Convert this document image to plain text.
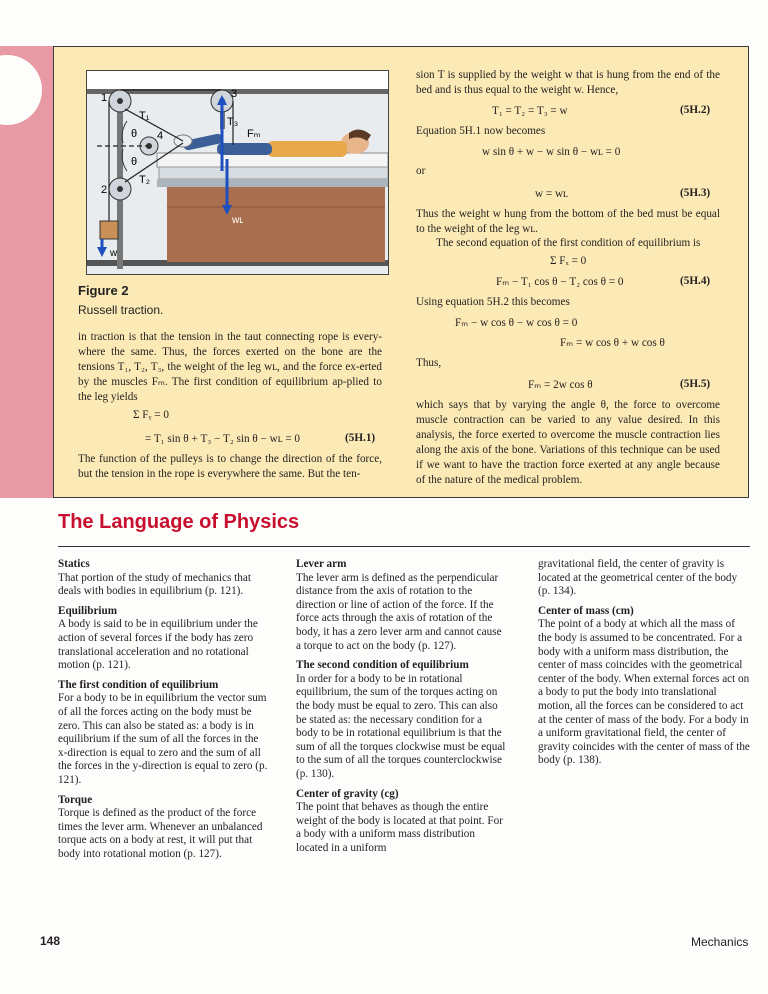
1
2
3
4
T₁
T₂
T₃
θ
θ
Fₘ
wʟ
w
Figure 2
Russell traction.
in traction is that the tension in the taut connecting rope is every-where the same. Thus, the forces exerted on the bone are the tensions T₁, T₂, T₃, the weight of the leg wʟ, and the force ex-erted by the muscles Fₘ. The first condition of equilibrium ap-plied to the leg yields
Σ Fᵧ = 0
= T₁ sin θ + T₃ − T₂ sin θ − wʟ = 0	(5H.1)
The function of the pulleys is to change the direction of the force, but the tension in the rope is everywhere the same. But the ten-
sion T is supplied by the weight w that is hung from the end of the bed and is thus equal to the weight w. Hence,
T₁ = T₂ = T₃ = w	(5H.2)
Equation 5H.1 now becomes
w sin θ + w − w sin θ − wʟ = 0
or
w = wʟ	(5H.3)
Thus the weight w hung from the bottom of the bed must be equal to the weight of the leg wʟ.
The second equation of the first condition of equilibrium is
Σ Fₓ = 0
Fₘ − T₁ cos θ − T₂ cos θ = 0	(5H.4)
Using equation 5H.2 this becomes
Fₘ − w cos θ − w cos θ = 0
Fₘ = w cos θ + w cos θ
Thus,
Fₘ = 2w cos θ	(5H.5)
which says that by varying the angle θ, the force to overcome muscle contraction can be varied to any value desired. In this analysis, the force exerted to overcome the muscle contraction lies along the axis of the bone. Variations of this technique can be used if we want to have the traction force exerted at any angle because of the nature of the medical problem.
The Language of Physics

Statics

That portion of the study of mechanics that deals with bodies in equilibrium (p. 121).

Equilibrium

A body is said to be in equilibrium under the action of several forces if the body has zero translational acceleration and no rotational motion (p. 121).

The first condition of equilibrium

For a body to be in equilibrium the vector sum of all the forces acting on the body must be zero. This can also be stated as: a body is in equilibrium if the sum of all the forces in the x-direction is equal to zero and the sum of all the forces in the y-direction is equal to zero (p. 121).

Torque

Torque is defined as the product of the force times the lever arm. Whenever an unbalanced torque acts on a body at rest, it will put that body into rotational motion (p. 127).

Lever arm

The lever arm is defined as the perpendicular distance from the axis of rotation to the direction or line of action of the force. If the force acts through the axis of rotation of the body, it has a zero lever arm and cannot cause a torque to act on the body (p. 127).

The second condition of equilibrium

In order for a body to be in rotational equilibrium, the sum of the torques acting on the body must be equal to zero. This can also be stated as: the necessary condition for a body to be in rotational equilibrium is that the sum of all the torques clockwise must be equal to the sum of all the torques counterclockwise (p. 130).

Center of gravity (cg)

The point that behaves as though the entire weight of the body is located at that point. For a body with a uniform mass distribution located in a uniform

gravitational field, the center of gravity is located at the geometrical center of the body (p. 134).

Center of mass (cm)

The point of a body at which all the mass of the body is assumed to be concentrated. For a body with a uniform mass distribution, the center of mass coincides with the geometrical center of the body. When external forces act on a body to put the body into translational motion, all the forces can be considered to act at the center of mass of the body. For a body in a uniform gravitational field, the center of gravity coincides with the center of mass of the body (p. 138).

148	Mechanics
